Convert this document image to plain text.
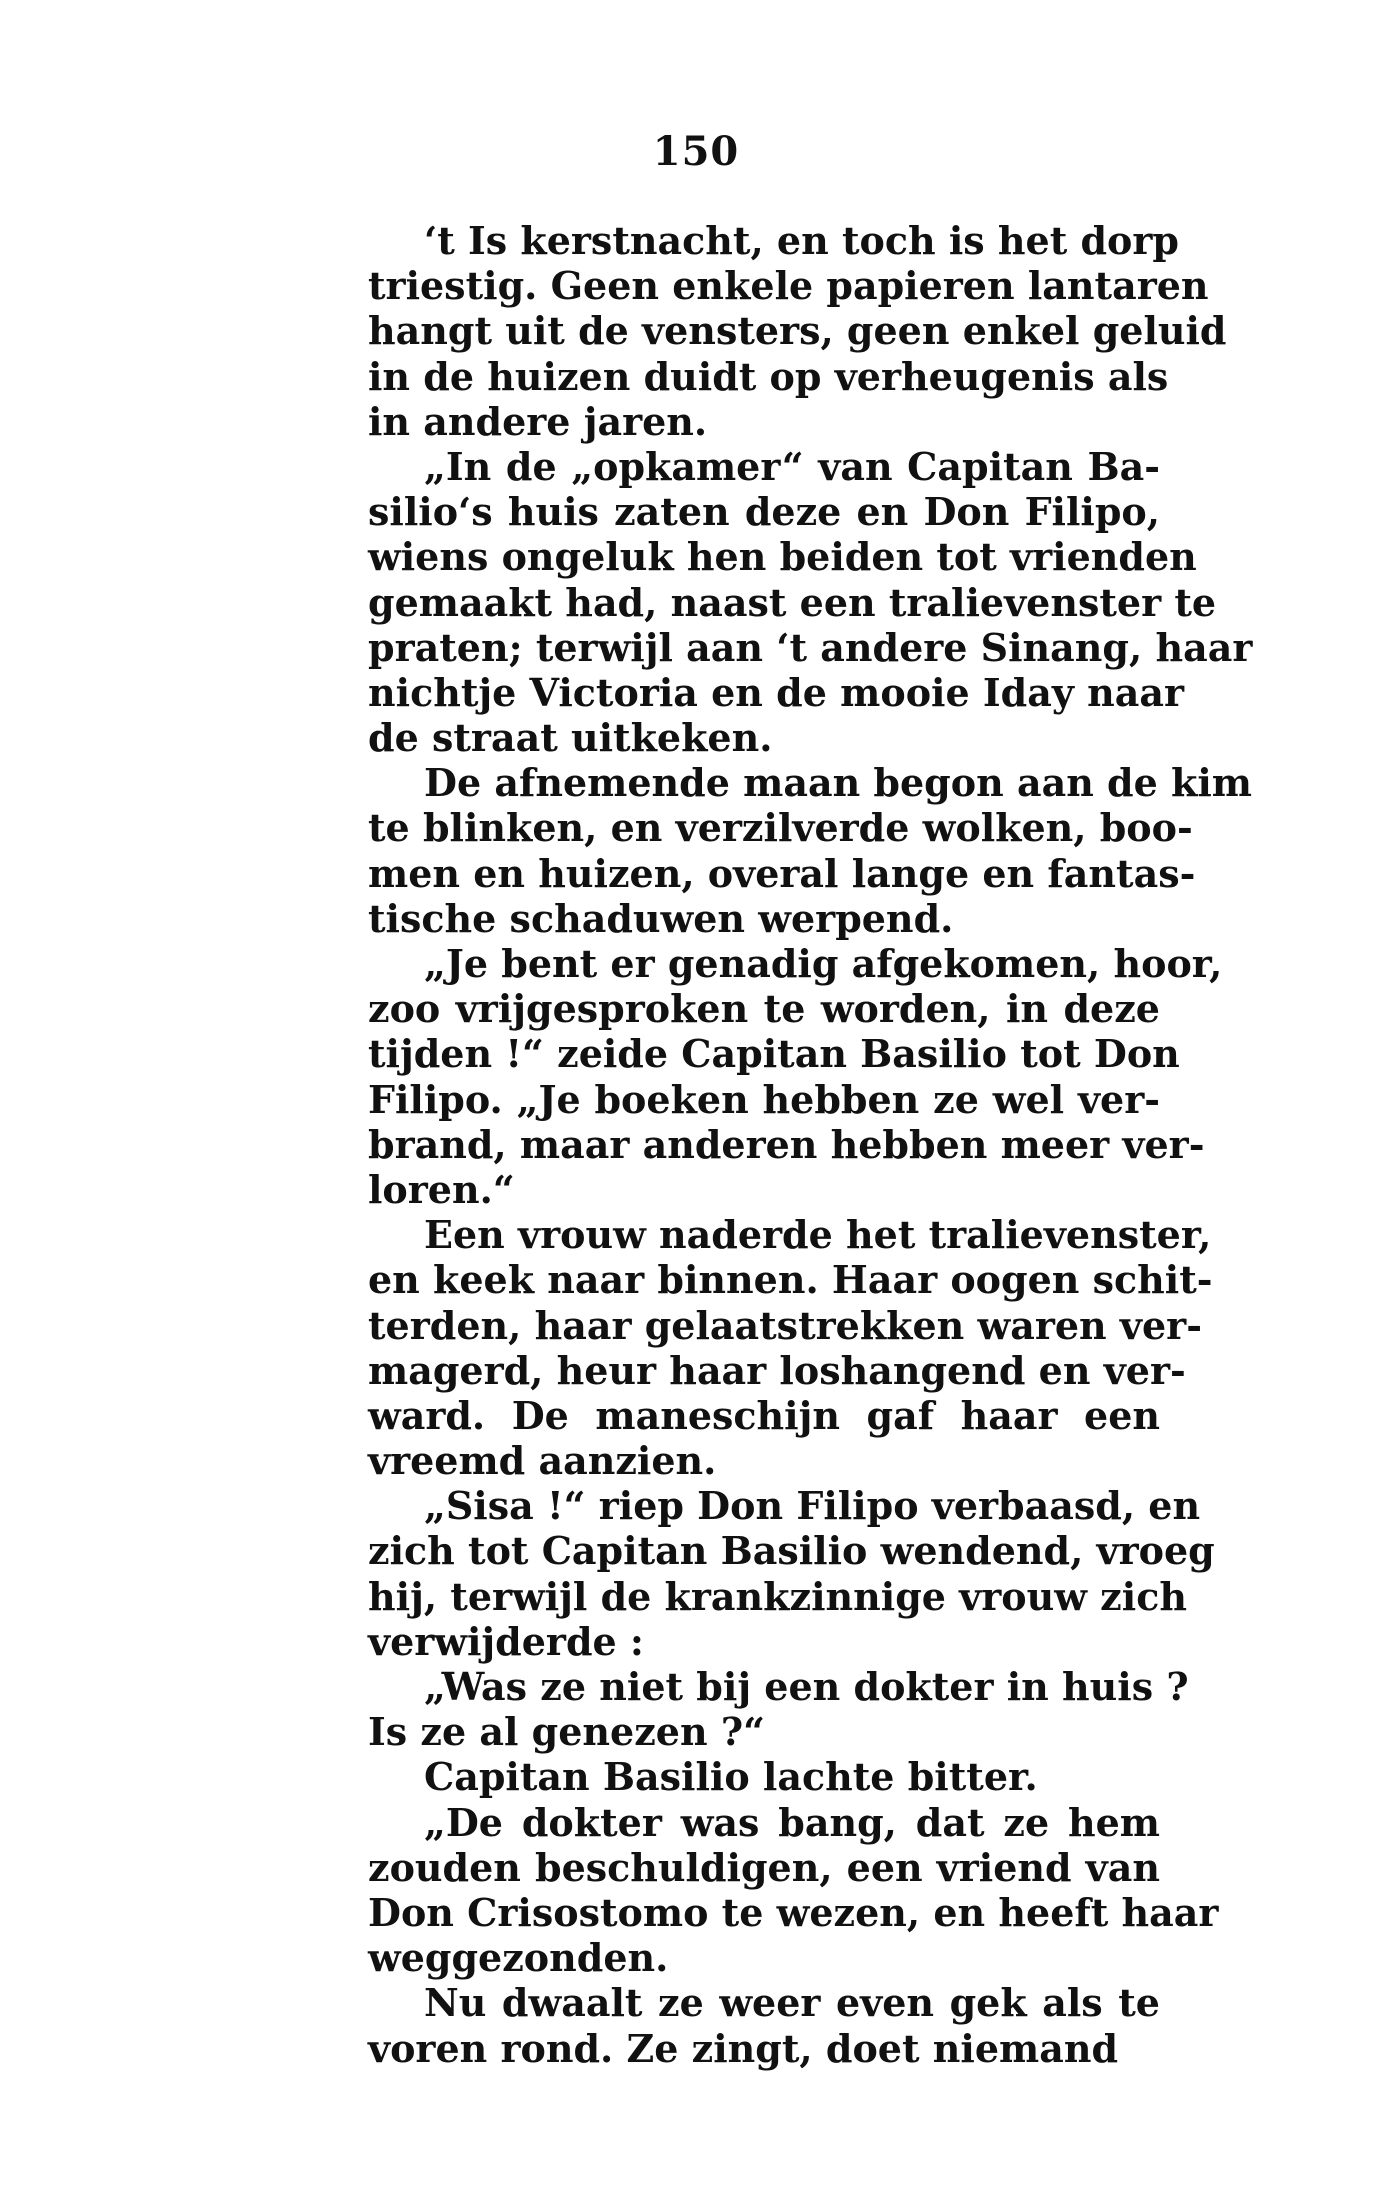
150
‘t Is kerstnacht, en toch is het dorp
triestig. Geen enkele papieren lantaren
hangt uit de vensters, geen enkel geluid
in de huizen duidt op verheugenis als
in andere jaren.
„In de „opkamer“ van Capitan Ba-
silio‘s huis zaten deze en Don Filipo,
wiens ongeluk hen beiden tot vrienden
gemaakt had, naast een tralievenster te
praten; terwijl aan ‘t andere Sinang, haar
nichtje Victoria en de mooie Iday naar
de straat uitkeken.
De afnemende maan begon aan de kim
te blinken, en verzilverde wolken, boo-
men en huizen, overal lange en fantas-
tische schaduwen werpend.
„Je bent er genadig afgekomen, hoor,
zoo vrijgesproken te worden, in deze
tijden !“ zeide Capitan Basilio tot Don
Filipo. „Je boeken hebben ze wel ver-
brand, maar anderen hebben meer ver-
loren.“
Een vrouw naderde het tralievenster,
en keek naar binnen. Haar oogen schit-
terden, haar gelaatstrekken waren ver-
magerd, heur haar loshangend en ver-
ward. De maneschijn gaf haar een
vreemd aanzien.
„Sisa !“ riep Don Filipo verbaasd, en
zich tot Capitan Basilio wendend, vroeg
hij, terwijl de krankzinnige vrouw zich
verwijderde :
„Was ze niet bij een dokter in huis ?
Is ze al genezen ?“
Capitan Basilio lachte bitter.
„De dokter was bang, dat ze hem
zouden beschuldigen, een vriend van
Don Crisostomo te wezen, en heeft haar
weggezonden.
Nu dwaalt ze weer even gek als te
voren rond. Ze zingt, doet niemand
